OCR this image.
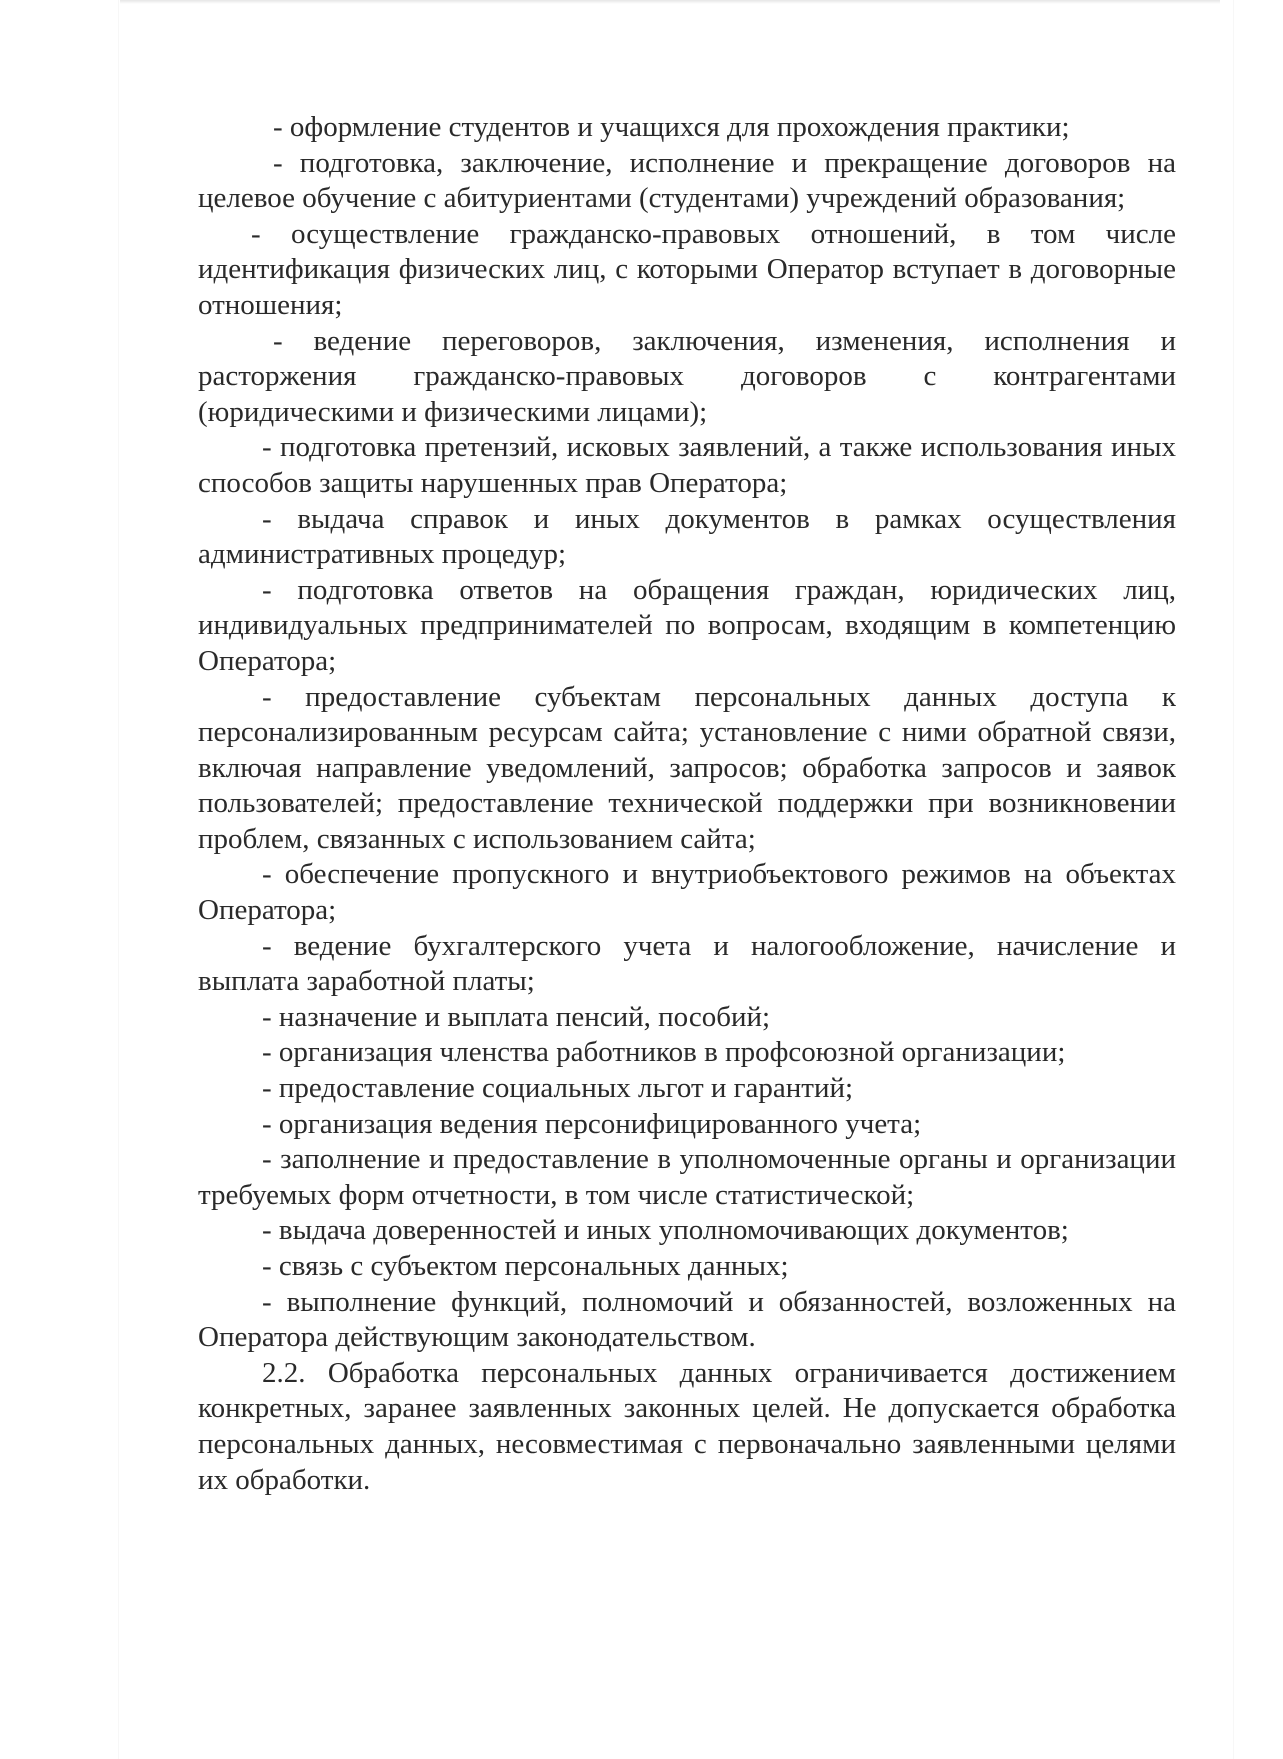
- оформление студентов и учащихся для прохождения практики;

- подготовка, заключение, исполнение и прекращение договоров на целевое обучение с абитуриентами (студентами) учреждений образования;

- осуществление гражданско-правовых отношений, в том числе идентификация физических лиц, с которыми Оператор вступает в договорные отношения;

- ведение переговоров, заключения, изменения, исполнения и расторжения гражданско-правовых договоров с контрагентами (юридическими и физическими лицами);

- подготовка претензий, исковых заявлений, а также использования иных способов защиты нарушенных прав Оператора;

- выдача справок и иных документов в рамках осуществления административных процедур;

- подготовка ответов на обращения граждан, юридических лиц, индивидуальных предпринимателей по вопросам, входящим в компетенцию Оператора;

- предоставление субъектам персональных данных доступа к персонализированным ресурсам сайта; установление с ними обратной связи, включая направление уведомлений, запросов; обработка запросов и заявок пользователей; предоставление технической поддержки при возникновении проблем, связанных с использованием сайта;

- обеспечение пропускного и внутриобъектового режимов на объектах Оператора;

- ведение бухгалтерского учета и налогообложение, начисление и выплата заработной платы;

- назначение и выплата пенсий, пособий;

- организация членства работников в профсоюзной организации;

- предоставление социальных льгот и гарантий;

- организация ведения персонифицированного учета;

- заполнение и предоставление в уполномоченные органы и организации требуемых форм отчетности, в том числе статистической;

- выдача доверенностей и иных уполномочивающих документов;

- связь с субъектом персональных данных;

- выполнение функций, полномочий и обязанностей, возложенных на Оператора действующим законодательством.

2.2. Обработка персональных данных ограничивается достижением конкретных, заранее заявленных законных целей. Не допускается обработка персональных данных, несовместимая с первоначально заявленными целями их обработки.
